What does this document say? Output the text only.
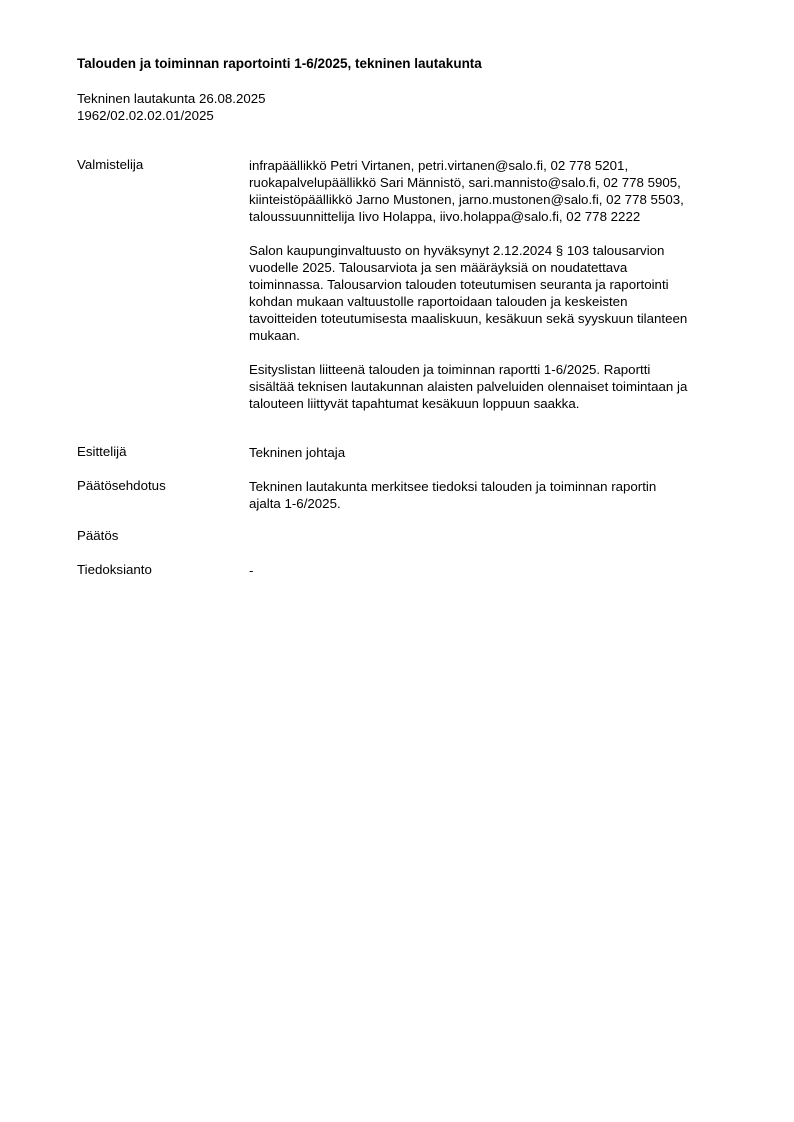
Talouden ja toiminnan raportointi 1-6/2025, tekninen lautakunta
Tekninen lautakunta 26.08.2025
1962/02.02.02.01/2025
Valmistelija	infrapäällikkö Petri Virtanen, petri.virtanen@salo.fi, 02 778 5201,
ruokapalvelupäällikkö Sari Männistö, sari.mannisto@salo.fi, 02 778 5905,
kiinteistöpäällikkö Jarno Mustonen, jarno.mustonen@salo.fi, 02 778 5503,
taloussuunnittelija Iivo Holappa, iivo.holappa@salo.fi, 02 778 2222
Salon kaupunginvaltuusto on hyväksynyt 2.12.2024 § 103 talousarvion
vuodelle 2025. Talousarviota ja sen määräyksiä on noudatettava
toiminnassa. Talousarvion talouden toteutumisen seuranta ja raportointi
kohdan mukaan valtuustolle raportoidaan talouden ja keskeisten
tavoitteiden toteutumisesta maaliskuun, kesäkuun sekä syyskuun tilanteen
mukaan.
Esityslistan liitteenä talouden ja toiminnan raportti 1-6/2025. Raportti
sisältää teknisen lautakunnan alaisten palveluiden olennaiset toimintaan ja
talouteen liittyvät tapahtumat kesäkuun loppuun saakka.
Esittelijä	Tekninen johtaja
Päätösehdotus	Tekninen lautakunta merkitsee tiedoksi talouden ja toiminnan raportin
ajalta 1-6/2025.
Päätös
Tiedoksianto	-
